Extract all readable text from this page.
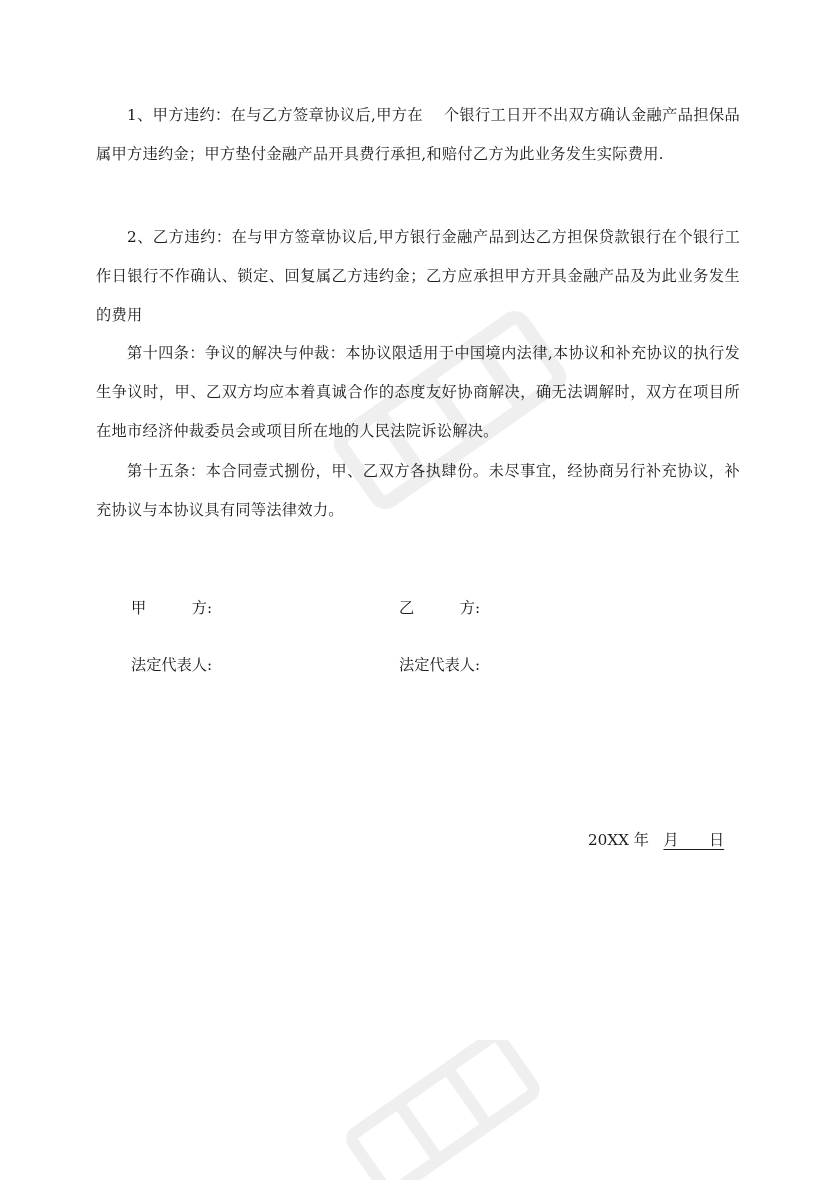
1、甲方违约：在与乙方签章协议后,甲方在　 个银行工日开不出双方确认金融产品担保品属甲方违约金；甲方垫付金融产品开具费行承担,和赔付乙方为此业务发生实际费用.

2、乙方违约：在与甲方签章协议后,甲方银行金融产品到达乙方担保贷款银行在个银行工作日银行不作确认、锁定、回复属乙方违约金；乙方应承担甲方开具金融产品及为此业务发生的费用

第十四条：争议的解决与仲裁：本协议限适用于中国境内法律,本协议和补充协议的执行发生争议时，甲、乙双方均应本着真诚合作的态度友好协商解决，确无法调解时，双方在项目所在地市经济仲裁委员会或项目所在地的人民法院诉讼解决。

第十五条：本合同壹式捌份，甲、乙双方各执肆份。未尽事宜，经协商另行补充协议，补充协议与本协议具有同等法律效力。

甲　　　方:	乙　　　方:
法定代表人:	法定代表人:
20XX 年 月　　日
